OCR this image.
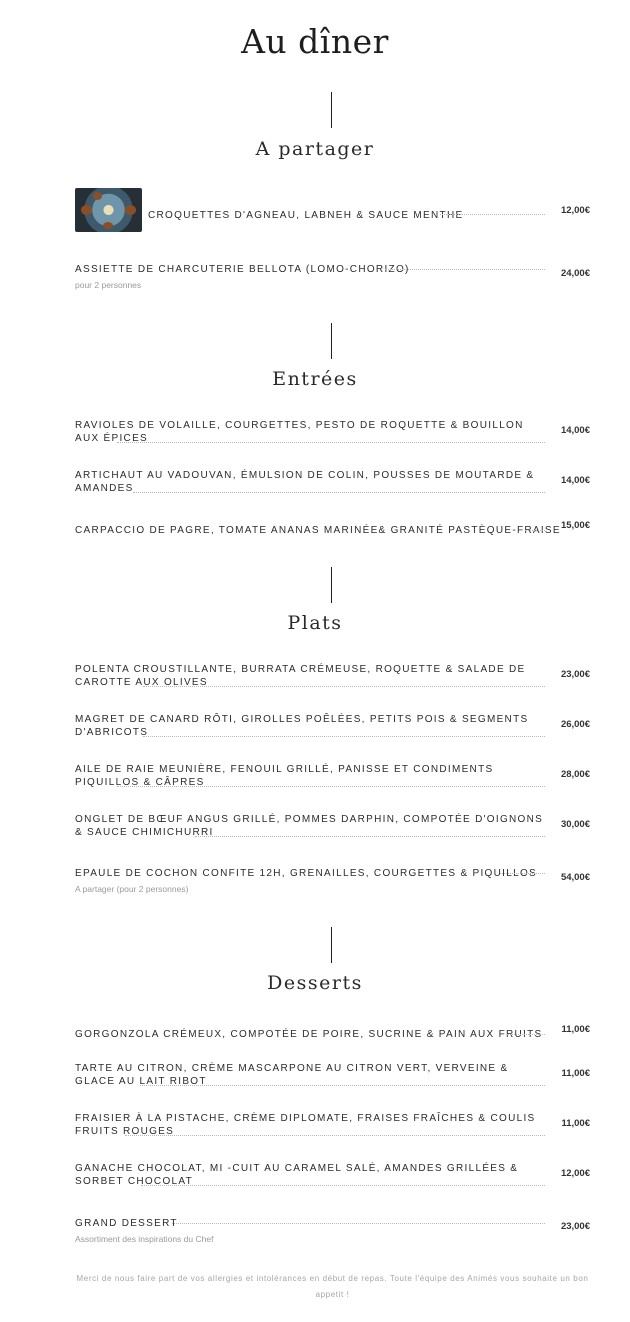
Au dîner
A partager
CROQUETTES D'AGNEAU, LABNEH & SAUCE MENTHE	12,00€
ASSIETTE DE CHARCUTERIE BELLOTA (LOMO-CHORIZO)	24,00€
pour 2 personnes
Entrées
RAVIOLES DE VOLAILLE, COURGETTES, PESTO DE ROQUETTE & BOUILLON AUX ÉPICES
14,00€
ARTICHAUT AU VADOUVAN, ÉMULSION DE COLIN, POUSSES DE MOUTARDE & AMANDES
14,00€
CARPACCIO DE PAGRE, TOMATE ANANAS MARINÉE& GRANITÉ PASTÈQUE-FRAISE 15,00€
Plats
POLENTA CROUSTILLANTE, BURRATA CRÉMEUSE, ROQUETTE & SALADE DE CAROTTE AUX OLIVES
23,00€
MAGRET DE CANARD RÔTI, GIROLLES POÊLÉES, PETITS POIS & SEGMENTS D'ABRICOTS
26,00€
AILE DE RAIE MEUNIÈRE, FENOUIL GRILLÉ, PANISSE ET CONDIMENTS PIQUILLOS & CÂPRES
28,00€
ONGLET DE BŒUF ANGUS GRILLÉ, POMMES DARPHIN, COMPOTÉE D'OIGNONS & SAUCE CHIMICHURRI
30,00€
EPAULE DE COCHON CONFITE 12H, GRENAILLES, COURGETTES & PIQUILLOS	54,00€
A partager (pour 2 personnes)
Desserts
GORGONZOLA CRÉMEUX, COMPOTÉE DE POIRE, SUCRINE & PAIN AUX FRUITS 11,00€
TARTE AU CITRON, CRÈME MASCARPONE AU CITRON VERT, VERVEINE & GLACE AU LAIT RIBOT
11,00€
FRAISIER À LA PISTACHE, CRÈME DIPLOMATE, FRAISES FRAÎCHES & COULIS FRUITS ROUGES
11,00€
GANACHE CHOCOLAT, MI -CUIT AU CARAMEL SALÉ, AMANDES GRILLÉES & SORBET CHOCOLAT
12,00€
GRAND DESSERT	23,00€
Assortiment des inspirations du Chef
Merci de nous faire part de vos allergies et intolérances en début de repas. Toute l'équipe des Animés vous souhaite un bon appetit !
